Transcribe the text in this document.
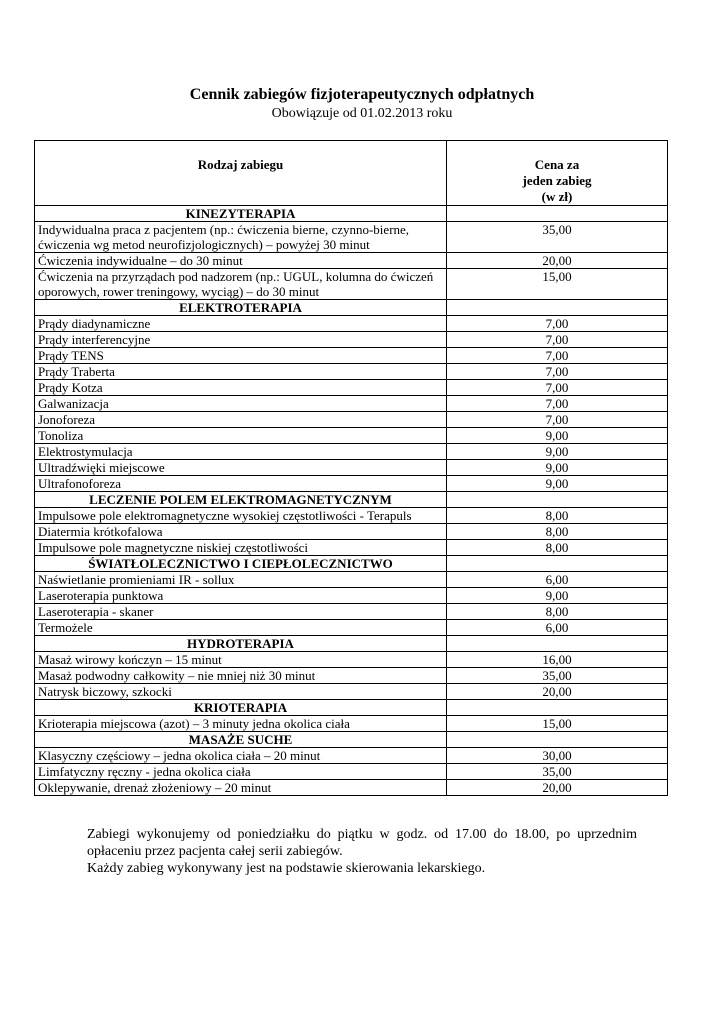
Cennik zabiegów fizjoterapeutycznych odpłatnych
Obowiązuje od 01.02.2013 roku
Rodzaj zabiegu	Cena za
jeden zabieg
(w zł)
KINEZYTERAPIA	
Indywidualna praca z pacjentem (np.: ćwiczenia bierne, czynno-bierne, ćwiczenia wg metod neurofizjologicznych) – powyżej 30 minut	35,00
Ćwiczenia indywidualne – do 30 minut	20,00
Ćwiczenia na przyrządach pod nadzorem (np.: UGUL, kolumna do ćwiczeń oporowych, rower treningowy, wyciąg) – do 30 minut	15,00
ELEKTROTERAPIA	
Prądy diadynamiczne	7,00
Prądy interferencyjne	7,00
Prądy TENS	7,00
Prądy Traberta	7,00
Prądy Kotza	7,00
Galwanizacja	7,00
Jonoforeza	7,00
Tonoliza	9,00
Elektrostymulacja	9,00
Ultradźwięki miejscowe	9,00
Ultrafonoforeza	9,00
LECZENIE POLEM ELEKTROMAGNETYCZNYM	
Impulsowe pole elektromagnetyczne wysokiej częstotliwości - Terapuls	8,00
Diatermia krótkofalowa	8,00
Impulsowe pole magnetyczne niskiej częstotliwości	8,00
ŚWIATŁOLECZNICTWO I CIEPŁOLECZNICTWO	
Naświetlanie promieniami IR - sollux	6,00
Laseroterapia punktowa	9,00
Laseroterapia - skaner	8,00
Termożele	6,00
HYDROTERAPIA	
Masaż wirowy kończyn – 15 minut	16,00
Masaż podwodny całkowity – nie mniej niż 30 minut	35,00
Natrysk biczowy, szkocki	20,00
KRIOTERAPIA	
Krioterapia miejscowa (azot) – 3 minuty jedna okolica ciała	15,00
MASAŻE SUCHE	
Klasyczny częściowy – jedna okolica ciała – 20 minut	30,00
Limfatyczny ręczny - jedna okolica ciała	35,00
Oklepywanie, drenaż złożeniowy – 20 minut	20,00

Zabiegi wykonujemy od poniedziałku do piątku w godz. od 17.00 do 18.00, po uprzednim opłaceniu przez pacjenta całej serii zabiegów.

Każdy zabieg wykonywany jest na podstawie skierowania lekarskiego.
